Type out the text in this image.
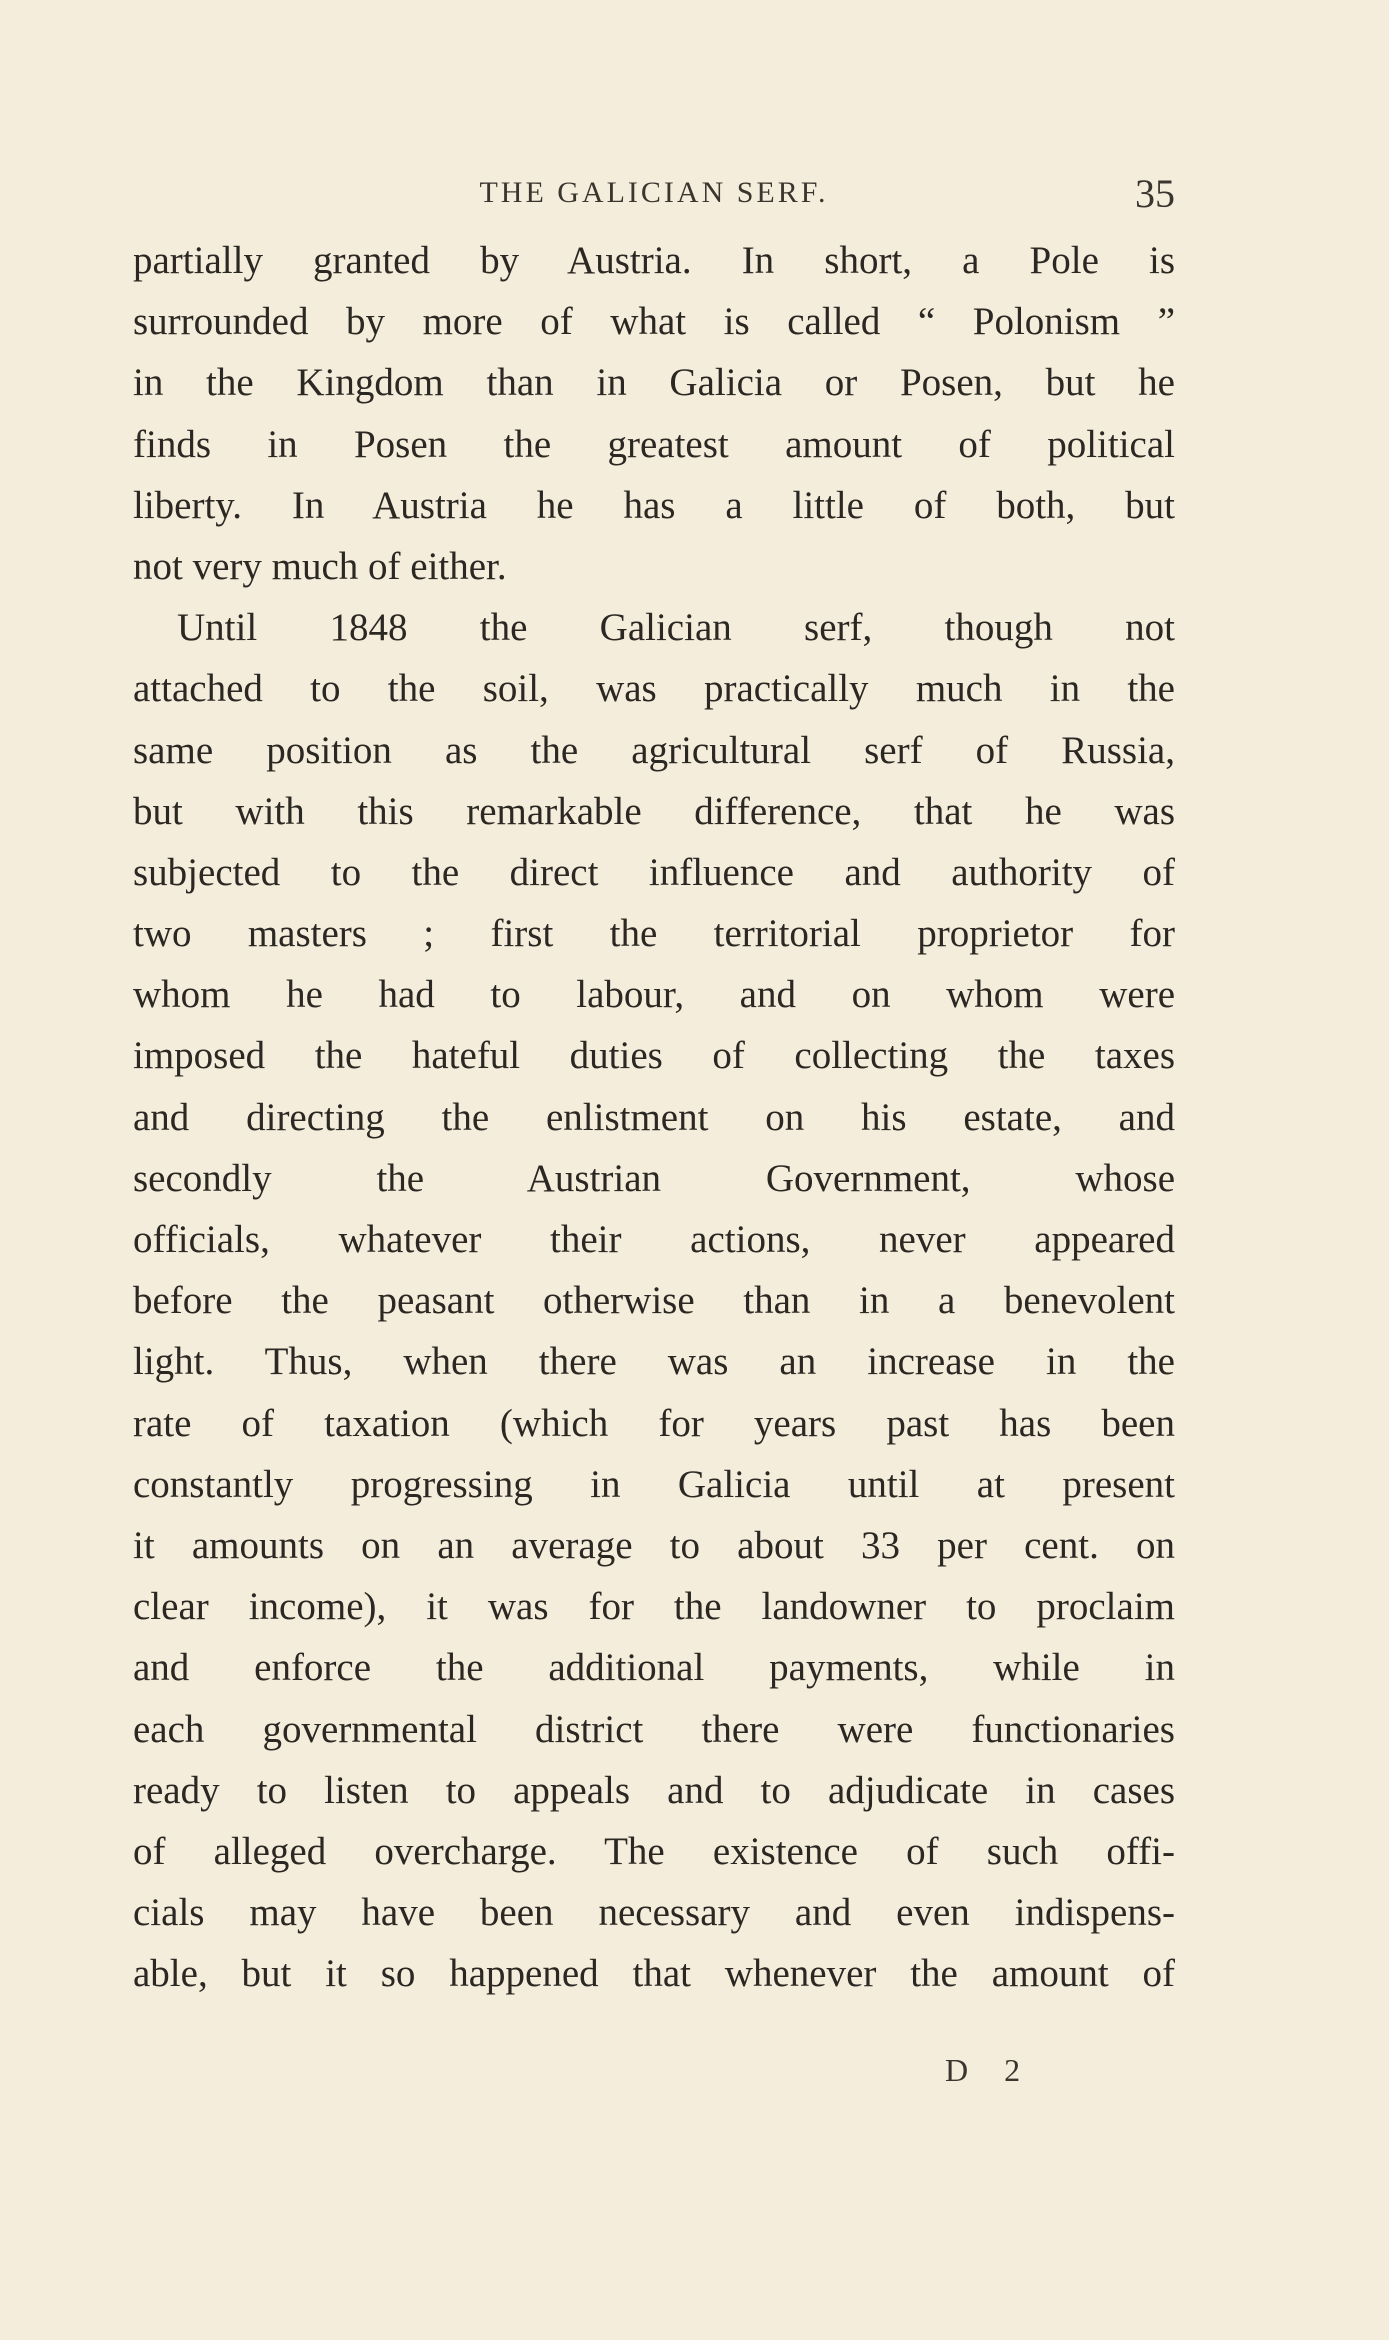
THE GALICIAN SERF.	35
partially granted by Austria. In short, a Pole is
surrounded by more of what is called “ Polonism ”
in the Kingdom than in Galicia or Posen, but he
finds in Posen the greatest amount of political
liberty. In Austria he has a little of both, but
not very much of either.
Until 1848 the Galician serf, though not
attached to the soil, was practically much in the
same position as the agricultural serf of Russia,
but with this remarkable difference, that he was
subjected to the direct influence and authority of
two masters ; first the territorial proprietor for
whom he had to labour, and on whom were
imposed the hateful duties of collecting the taxes
and directing the enlistment on his estate, and
secondly the Austrian Government, whose
officials, whatever their actions, never appeared
before the peasant otherwise than in a benevolent
light. Thus, when there was an increase in the
rate of taxation (which for years past has been
constantly progressing in Galicia until at present
it amounts on an average to about 33 per cent. on
clear income), it was for the landowner to proclaim
and enforce the additional payments, while in
each governmental district there were functionaries
ready to listen to appeals and to adjudicate in cases
of alleged overcharge. The existence of such offi-
cials may have been necessary and even indispens-
able, but it so happened that whenever the amount of
D 2
